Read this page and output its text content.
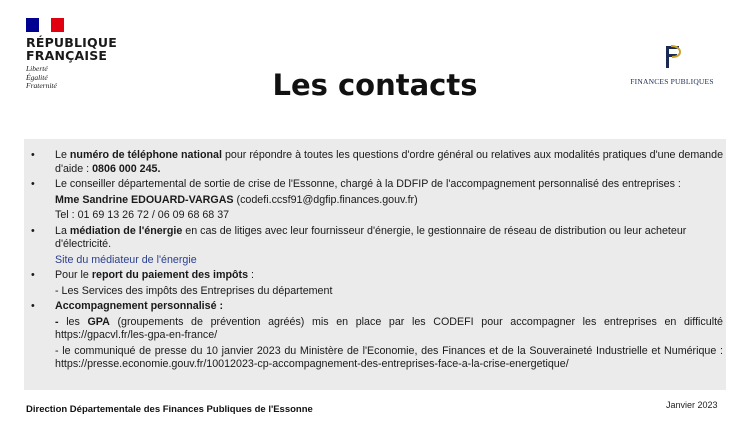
RÉPUBLIQUE
FRANÇAISE
Liberté
Égalité
Fraternité	FINANCES PUBLIQUES
Les contacts
• Le numéro de téléphone national pour répondre à toutes les questions d'ordre général ou relatives aux modalités pratiques d'une demande d'aide : 0806 000 245.
• Le conseiller départemental de sortie de crise de l'Essonne, chargé à la DDFIP de l'accompagnement personnalisé des entreprises :
Mme Sandrine EDOUARD-VARGAS (codefi.ccsf91@dgfip.finances.gouv.fr)
Tel : 01 69 13 26 72 / 06 09 68 68 37
• La médiation de l'énergie en cas de litiges avec leur fournisseur d'énergie, le gestionnaire de réseau de distribution ou leur acheteur d'électricité.
Site du médiateur de l'énergie
• Pour le report du paiement des impôts :
- Les Services des impôts des Entreprises du département
• Accompagnement personnalisé :
- les GPA (groupements de prévention agréés) mis en place par les CODEFI pour accompagner les entreprises en difficulté https://gpacvl.fr/les-gpa-en-france/
- le communiqué de presse du 10 janvier 2023 du Ministère de l'Economie, des Finances et de la Souveraineté Industrielle et Numérique : https://presse.economie.gouv.fr/10012023-cp-accompagnement-des-entreprises-face-a-la-crise-energetique/
Direction Départementale des Finances Publiques de l'Essonne	Janvier 2023
